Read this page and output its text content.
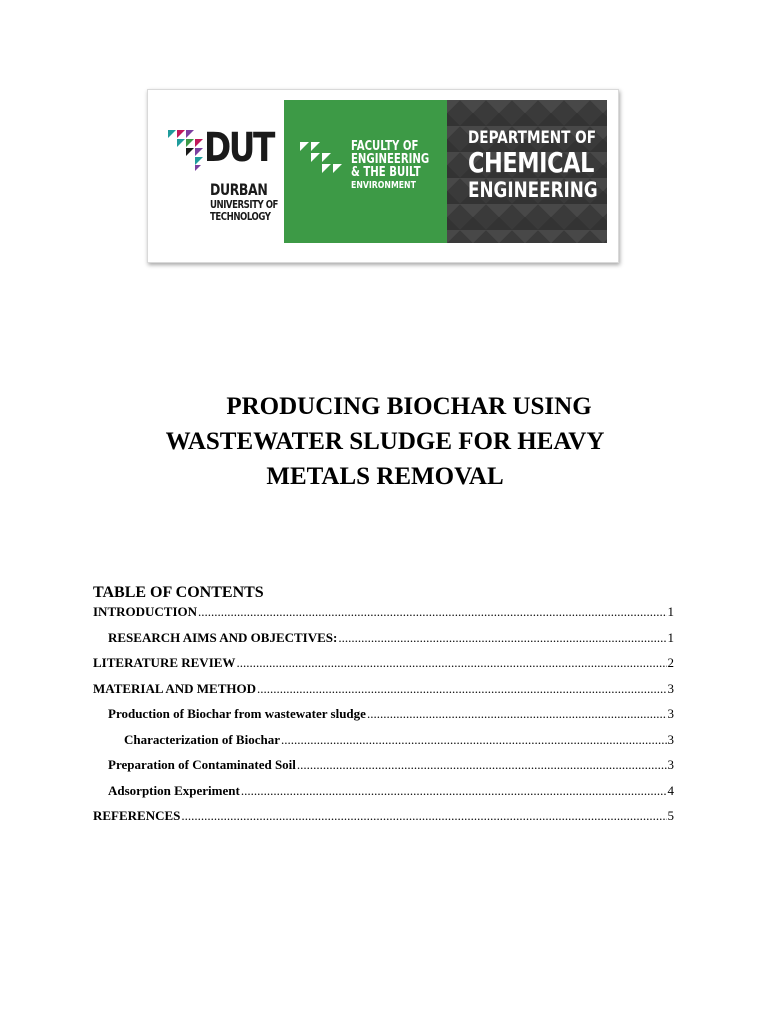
DUT
DURBAN
UNIVERSITY OF
TECHNOLOGY
FACULTY OF
ENGINEERING
& THE BUILT
ENVIRONMENT
DEPARTMENT OF
CHEMICAL
ENGINEERING
PRODUCING BIOCHAR USING
WASTEWATER SLUDGE FOR HEAVY
METALS REMOVAL
TABLE OF CONTENTS
INTRODUCTION .....	1
RESEARCH AIMS AND OBJECTIVES: .....	1
LITERATURE REVIEW .....	2
MATERIAL AND METHOD .....	3
Production of Biochar from wastewater sludge .....	3
Characterization of Biochar .....	3
Preparation of Contaminated Soil .....	3
Adsorption Experiment .....	4
REFERENCES .....	5
